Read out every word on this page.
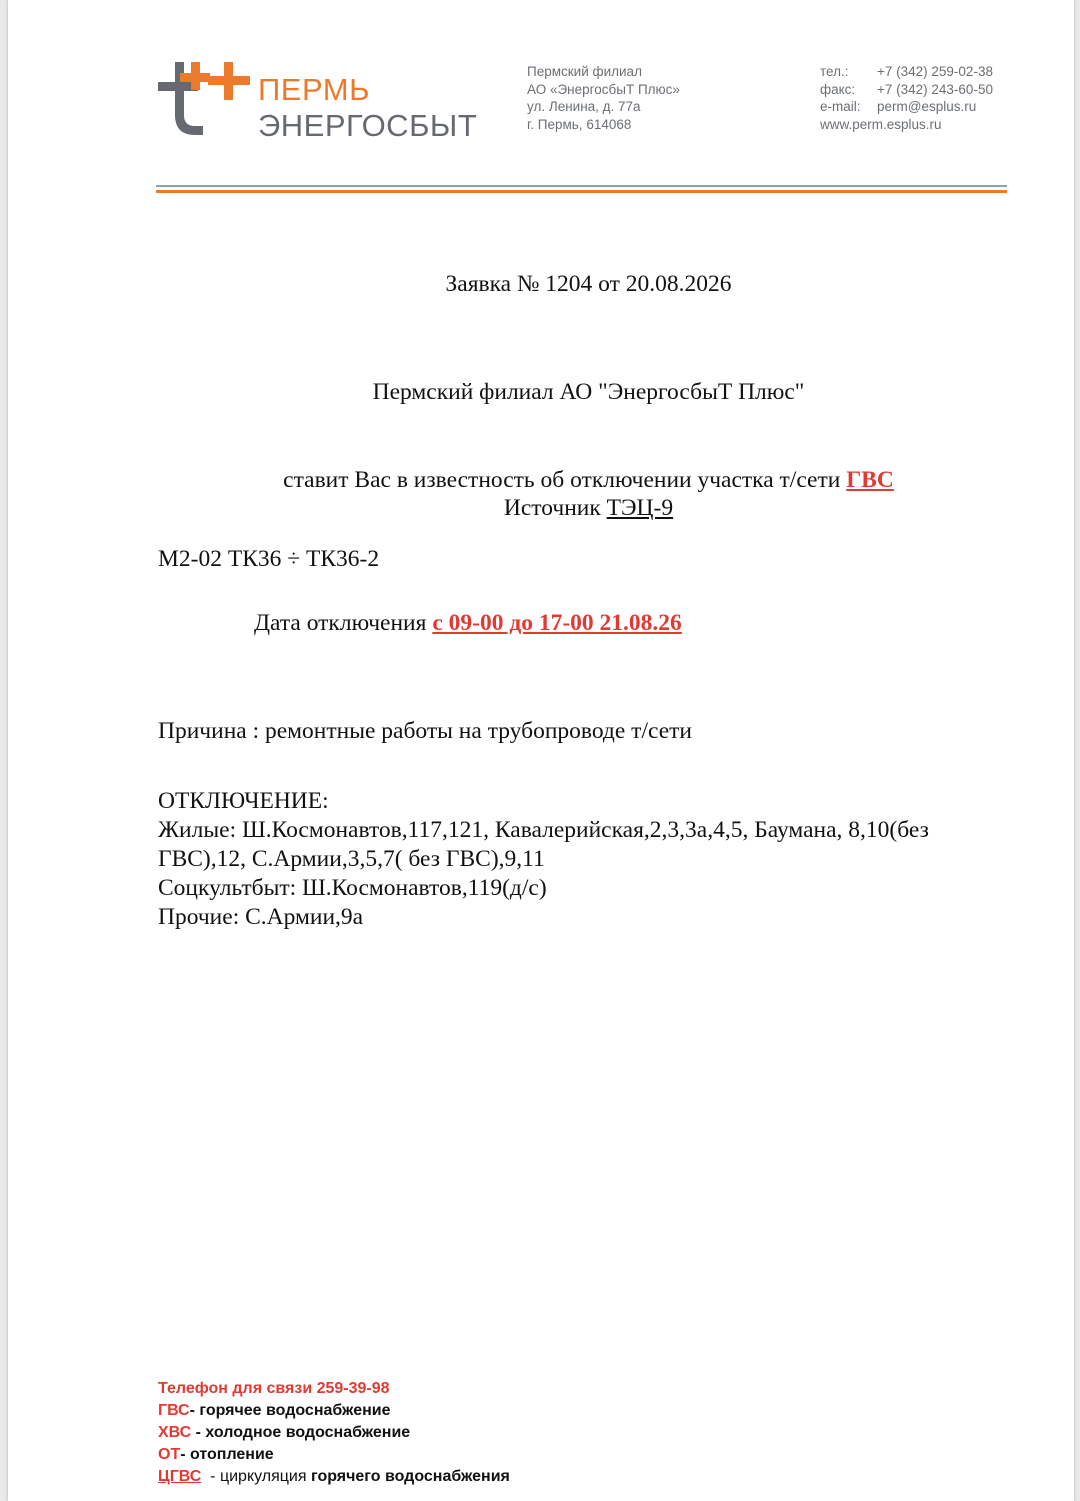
ПЕРМЬ
ЭНЕРГОСБЫТ
Пермский филиал
АО «ЭнергосбыТ Плюс»
ул. Ленина, д. 77а
г. Пермь, 614068
тел.: +7 (342) 259-02-38
факс: +7 (342) 243-60-50
e-mail: perm@esplus.ru
www.perm.esplus.ru
Заявка № 1204 от 20.08.2026
Пермский филиал АО "ЭнергосбыТ Плюс"
ставит Вас в известность об отключении участка т/сети ГВС
Источник ТЭЦ-9
М2-02 ТК36 ÷ ТК36-2
Дата отключения с 09-00 до 17-00 21.08.26
Причина : ремонтные работы на трубопроводе т/сети
ОТКЛЮЧЕНИЕ:
Жилые: Ш.Космонавтов,117,121, Кавалерийская,2,3,3а,4,5, Баумана, 8,10(без
ГВС),12, С.Армии,3,5,7( без ГВС),9,11
Соцкультбыт: Ш.Космонавтов,119(д/с)
Прочие: С.Армии,9а
Телефон для связи 259-39-98
ГВС- горячее водоснабжение
ХВС - холодное водоснабжение
ОТ- отопление
ЦГВС  - циркуляция горячего водоснабжения
